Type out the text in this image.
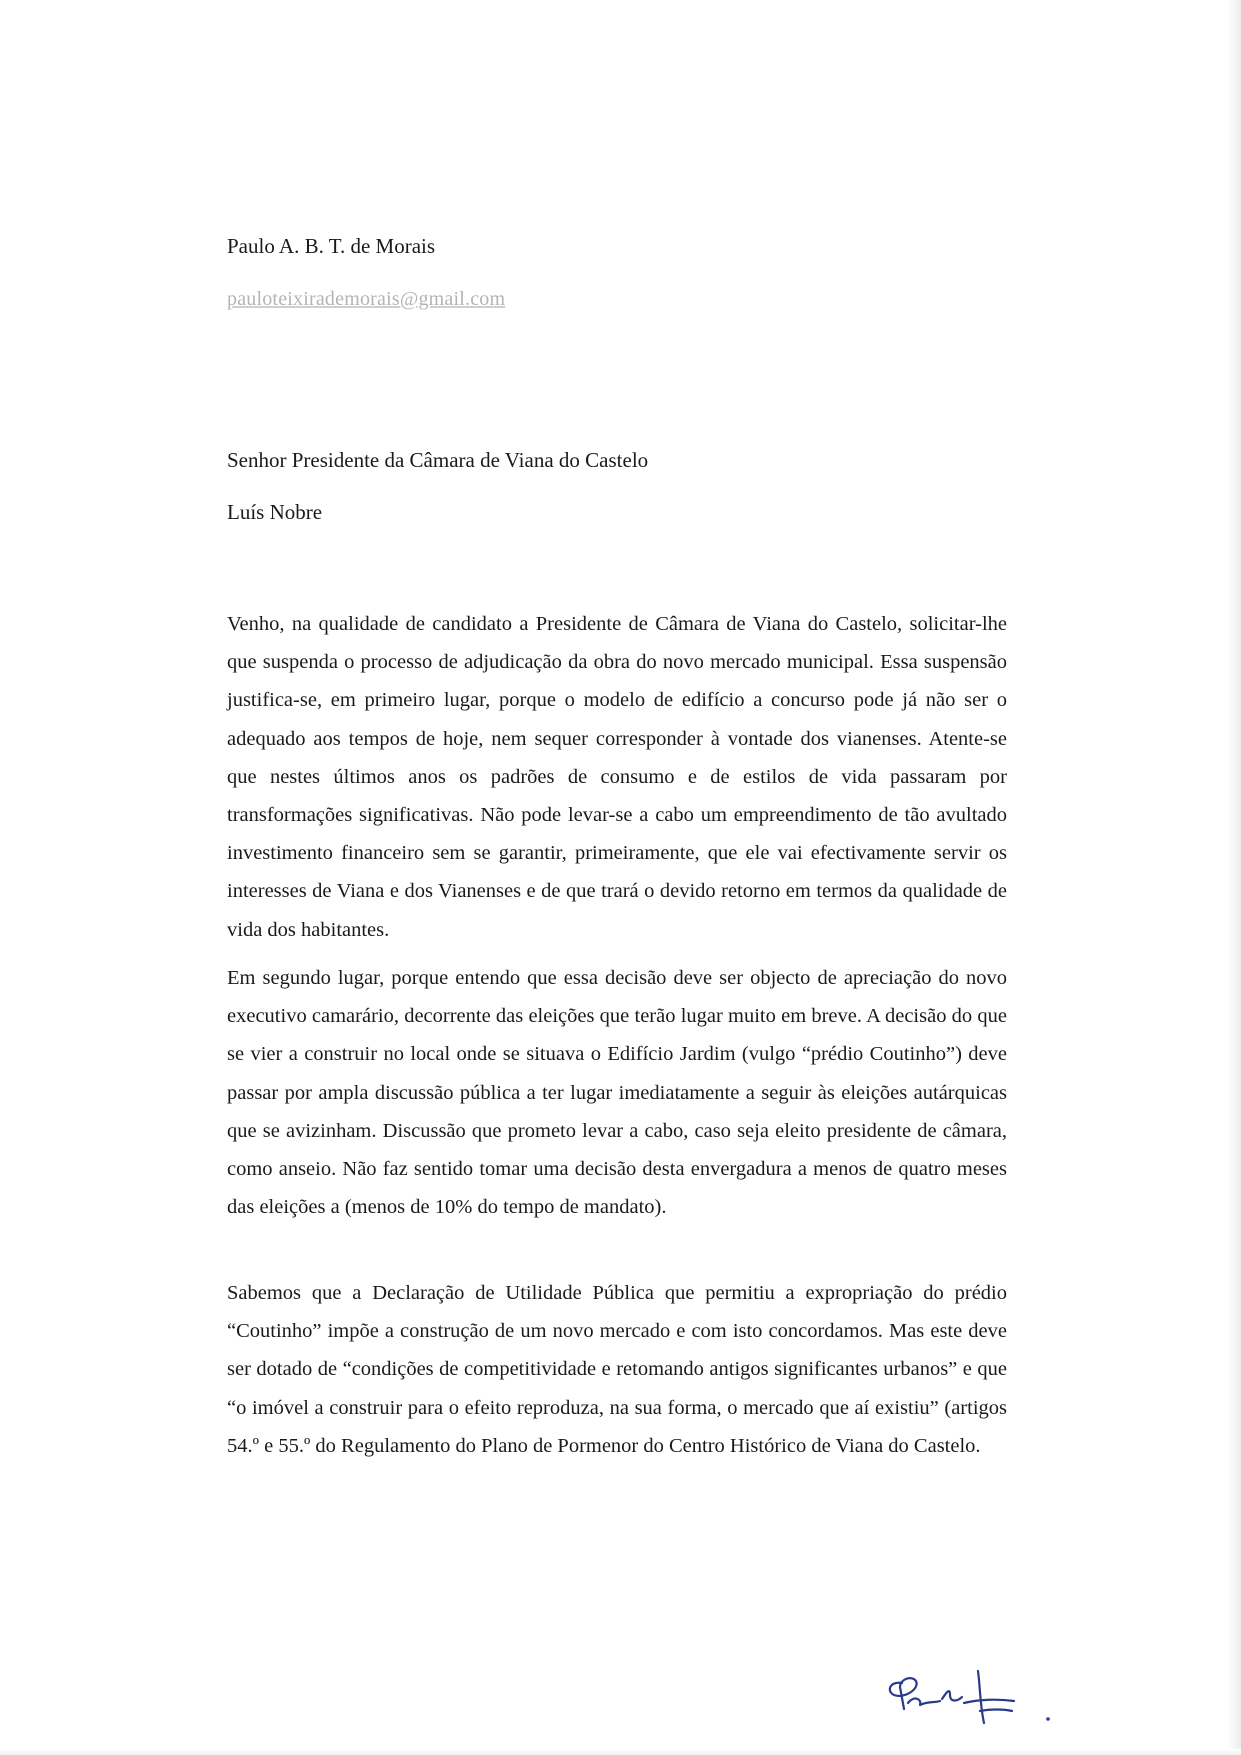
Paulo A. B. T. de Morais

pauloteixirademorais@gmail.com

Senhor Presidente da Câmara de Viana do Castelo

Luís Nobre

Venho, na qualidade de candidato a Presidente de Câmara de Viana do Castelo, solicitar-lhe que suspenda o processo de adjudicação da obra do novo mercado municipal. Essa suspensão justifica-se, em primeiro lugar, porque o modelo de edifício a concurso pode já não ser o adequado aos tempos de hoje, nem sequer corresponder à vontade dos vianenses. Atente-se que nestes últimos anos os padrões de consumo e de estilos de vida passaram por transformações significativas. Não pode levar-se a cabo um empreendimento de tão avultado investimento financeiro sem se garantir, primeiramente, que ele vai efectivamente servir os interesses de Viana e dos Vianenses e de que trará o devido retorno em termos da qualidade de vida dos habitantes.

Em segundo lugar, porque entendo que essa decisão deve ser objecto de apreciação do novo executivo camarário, decorrente das eleições que terão lugar muito em breve. A decisão do que se vier a construir no local onde se situava o Edifício Jardim (vulgo “prédio Coutinho”) deve passar por ampla discussão pública a ter lugar imediatamente a seguir às eleições autárquicas que se avizinham. Discussão que prometo levar a cabo, caso seja eleito presidente de câmara, como anseio. Não faz sentido tomar uma decisão desta envergadura a menos de quatro meses das eleições a (menos de 10% do tempo de mandato).

Sabemos que a Declaração de Utilidade Pública que permitiu a expropriação do prédio “Coutinho” impõe a construção de um novo mercado e com isto concordamos. Mas este deve ser dotado de “condições de competitividade e retomando antigos significantes urbanos” e que “o imóvel a construir para o efeito reproduza, na sua forma, o mercado que aí existiu” (artigos 54.º e 55.º do Regulamento do Plano de Pormenor do Centro Histórico de Viana do Castelo.
